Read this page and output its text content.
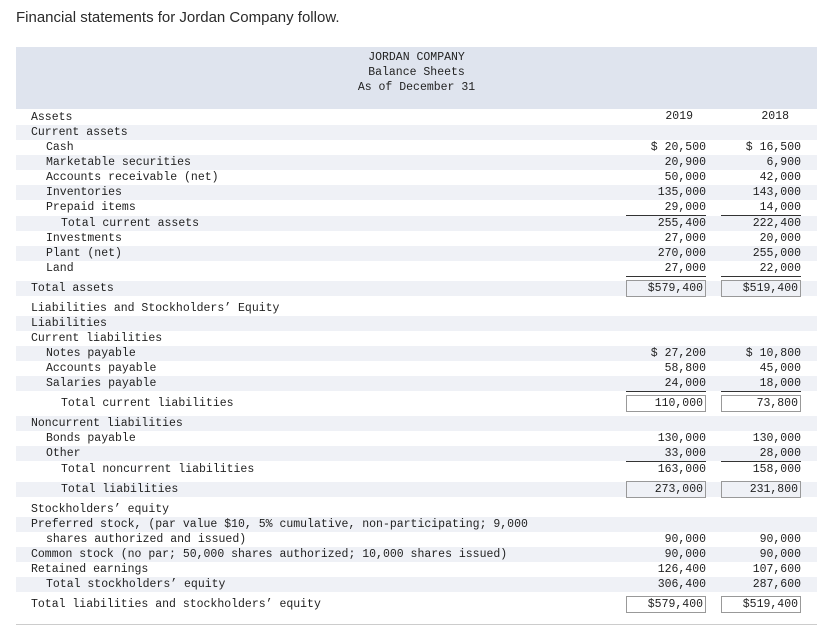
Financial statements for Jordan Company follow.
JORDAN COMPANY
Balance Sheets
As of December 31
2019	2018
Assets
Current assets
Cash	$ 20,500	$ 16,500
Marketable securities	20,900	6,900
Accounts receivable (net)	50,000	42,000
Inventories	135,000	143,000
Prepaid items	29,000	14,000
Total current assets	255,400	222,400
Investments	27,000	20,000
Plant (net)	270,000	255,000
Land	27,000	22,000
Total assets	$579,400	$519,400
Liabilities and Stockholders’ Equity
Liabilities
Current liabilities
Notes payable	$ 27,200	$ 10,800
Accounts payable	58,800	45,000
Salaries payable	24,000	18,000
Total current liabilities	110,000	73,800
Noncurrent liabilities
Bonds payable	130,000	130,000
Other	33,000	28,000
Total noncurrent liabilities	163,000	158,000
Total liabilities	273,000	231,800
Stockholders’ equity
Preferred stock, (par value $10, 5% cumulative, non-participating; 9,000
shares authorized and issued)	90,000	90,000
Common stock (no par; 50,000 shares authorized; 10,000 shares issued)	90,000	90,000
Retained earnings	126,400	107,600
Total stockholders’ equity	306,400	287,600
Total liabilities and stockholders’ equity	$579,400	$519,400
